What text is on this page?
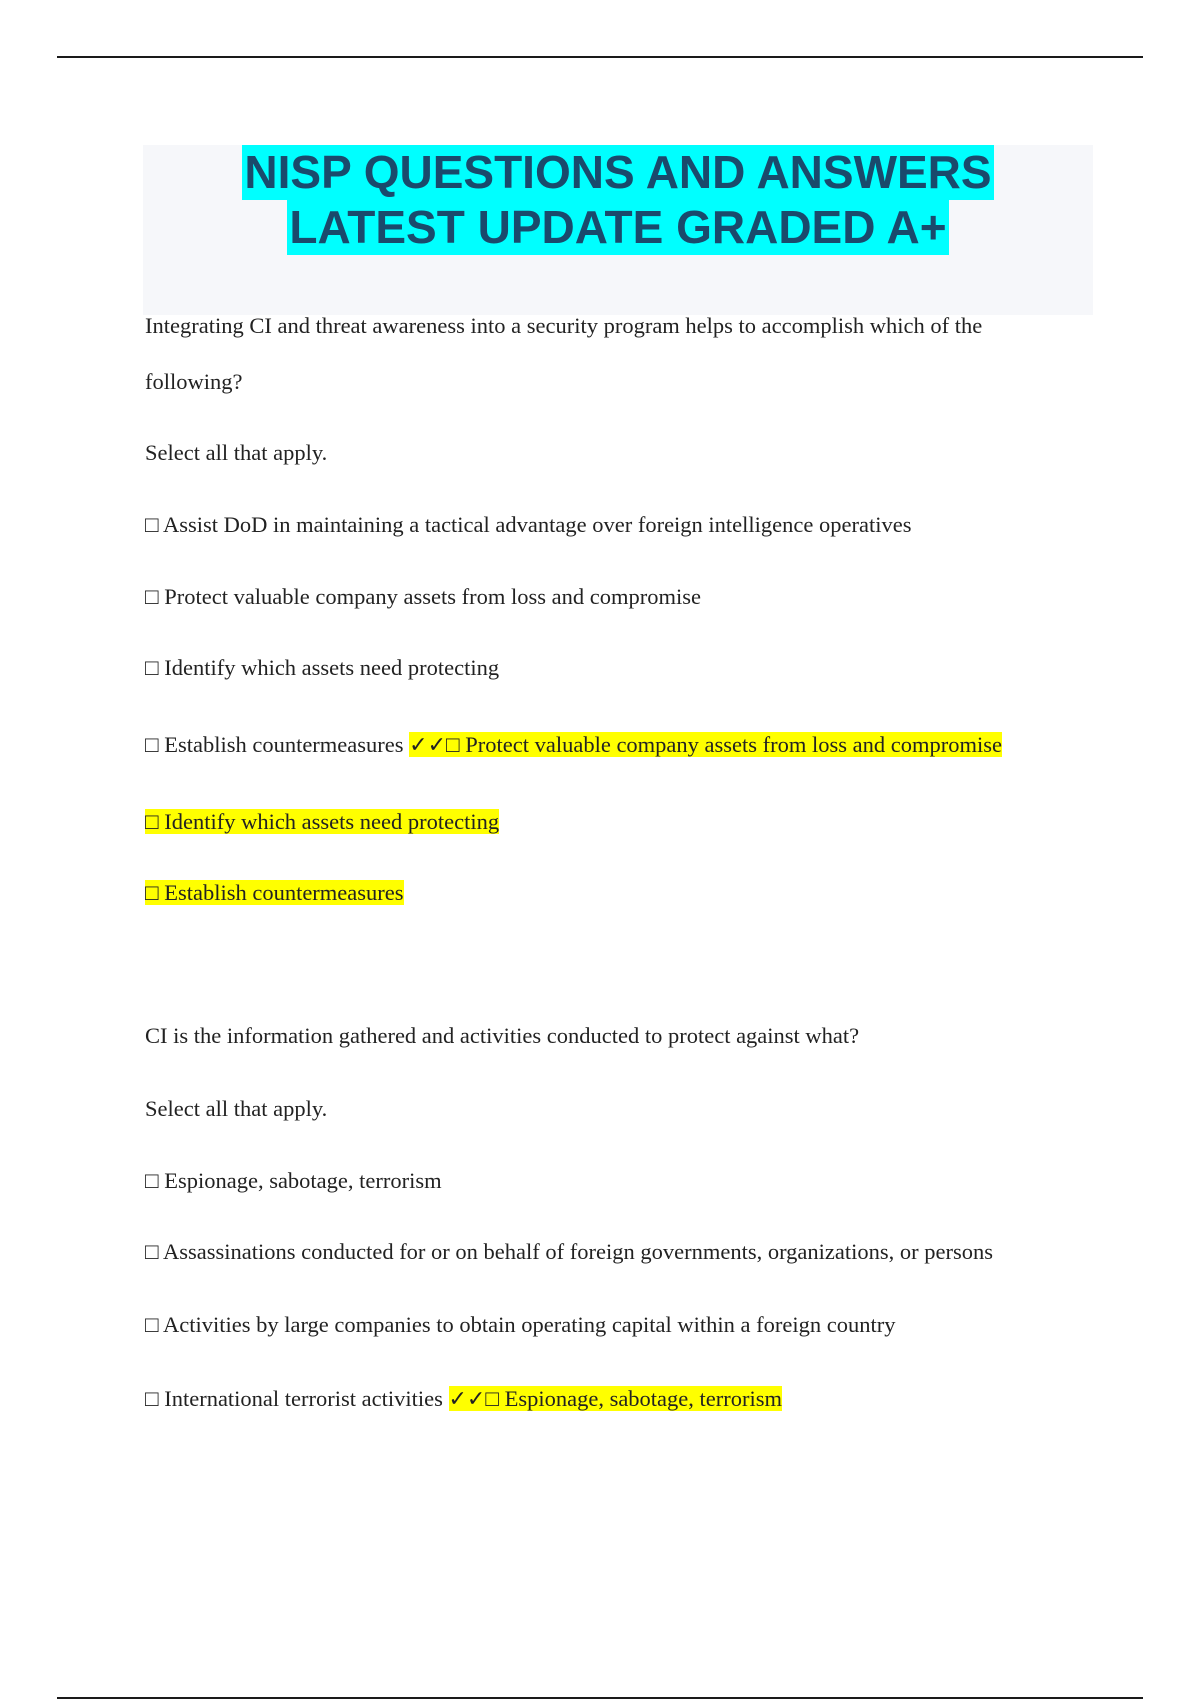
NISP QUESTIONS AND ANSWERS
LATEST UPDATE GRADED A+
Integrating CI and threat awareness into a security program helps to accomplish which of the
following?
Select all that apply.
□ Assist DoD in maintaining a tactical advantage over foreign intelligence operatives
□ Protect valuable company assets from loss and compromise
□ Identify which assets need protecting
□ Establish countermeasures ✓✓□ Protect valuable company assets from loss and compromise
□ Identify which assets need protecting
□ Establish countermeasures
CI is the information gathered and activities conducted to protect against what?
Select all that apply.
□ Espionage, sabotage, terrorism
□ Assassinations conducted for or on behalf of foreign governments, organizations, or persons
□ Activities by large companies to obtain operating capital within a foreign country
□ International terrorist activities ✓✓□ Espionage, sabotage, terrorism
